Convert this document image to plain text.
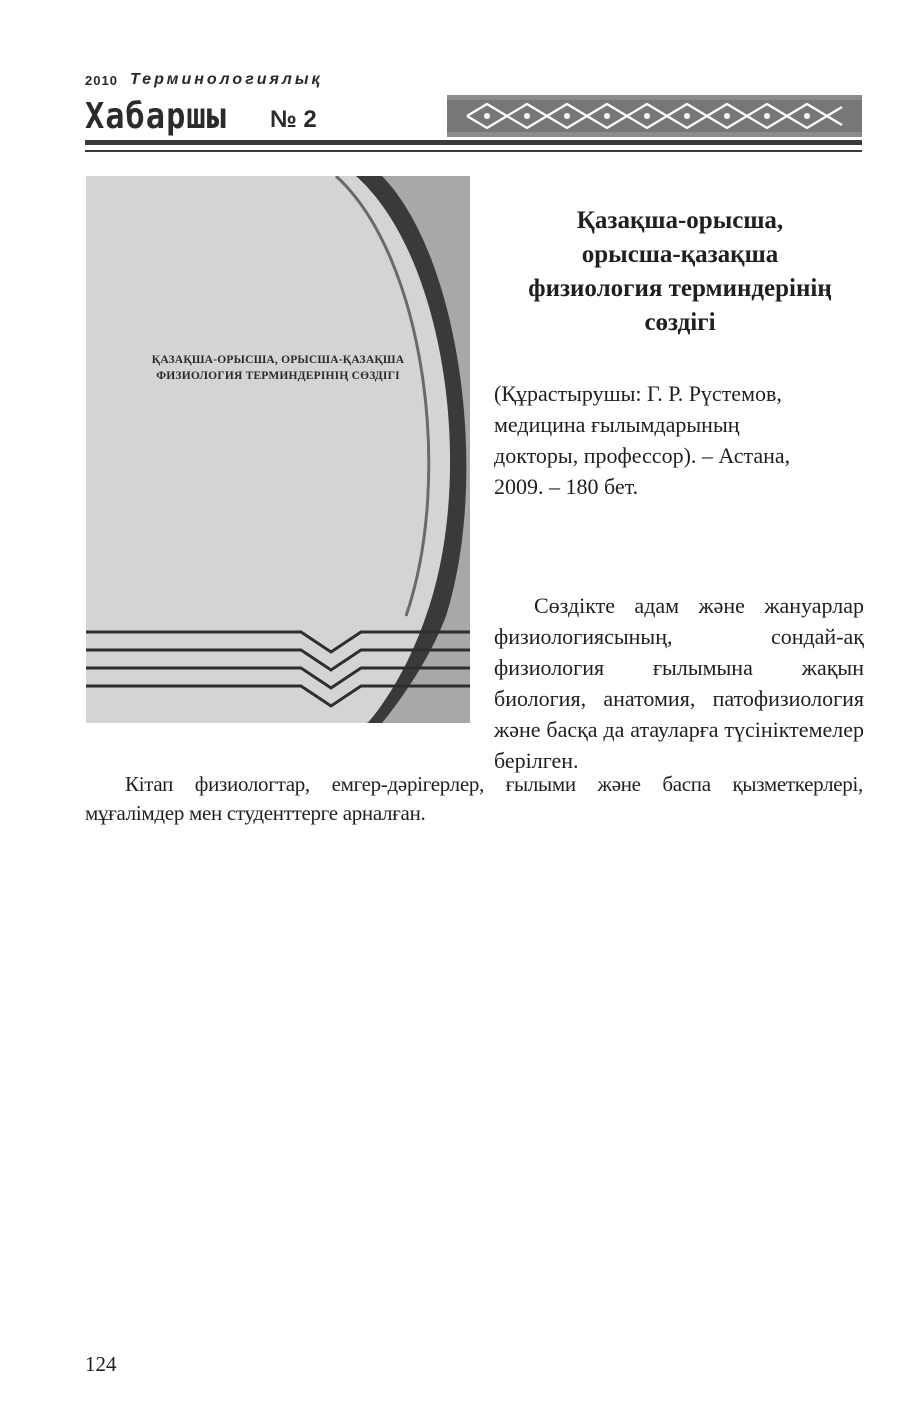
2010 Терминологиялық
Хабаршы № 2
ҚАЗАҚША-ОРЫСША, ОРЫСША-ҚАЗАҚША
ФИЗИОЛОГИЯ ТЕРМИНДЕРІНІҢ СӨЗДІГІ
Қазақша-орысша,
орысша-қазақша
физиология терминдерінің
сөздігі
(Құрастырушы: Г. Р. Рүстемов,
медицина ғылымдарының
докторы, профессор). – Астана,
2009. – 180 бет.
Сөздікте адам және жануарлар физиологиясының, сондай-ақ физиология ғылымына жақын биология, анатомия, патофизиология және басқа да атауларға түсініктемелер берілген.
Кітап физиологтар, емгер-дәрігерлер, ғылыми және баспа қызметкерлері, мұғалімдер мен студенттерге арналған.
124
